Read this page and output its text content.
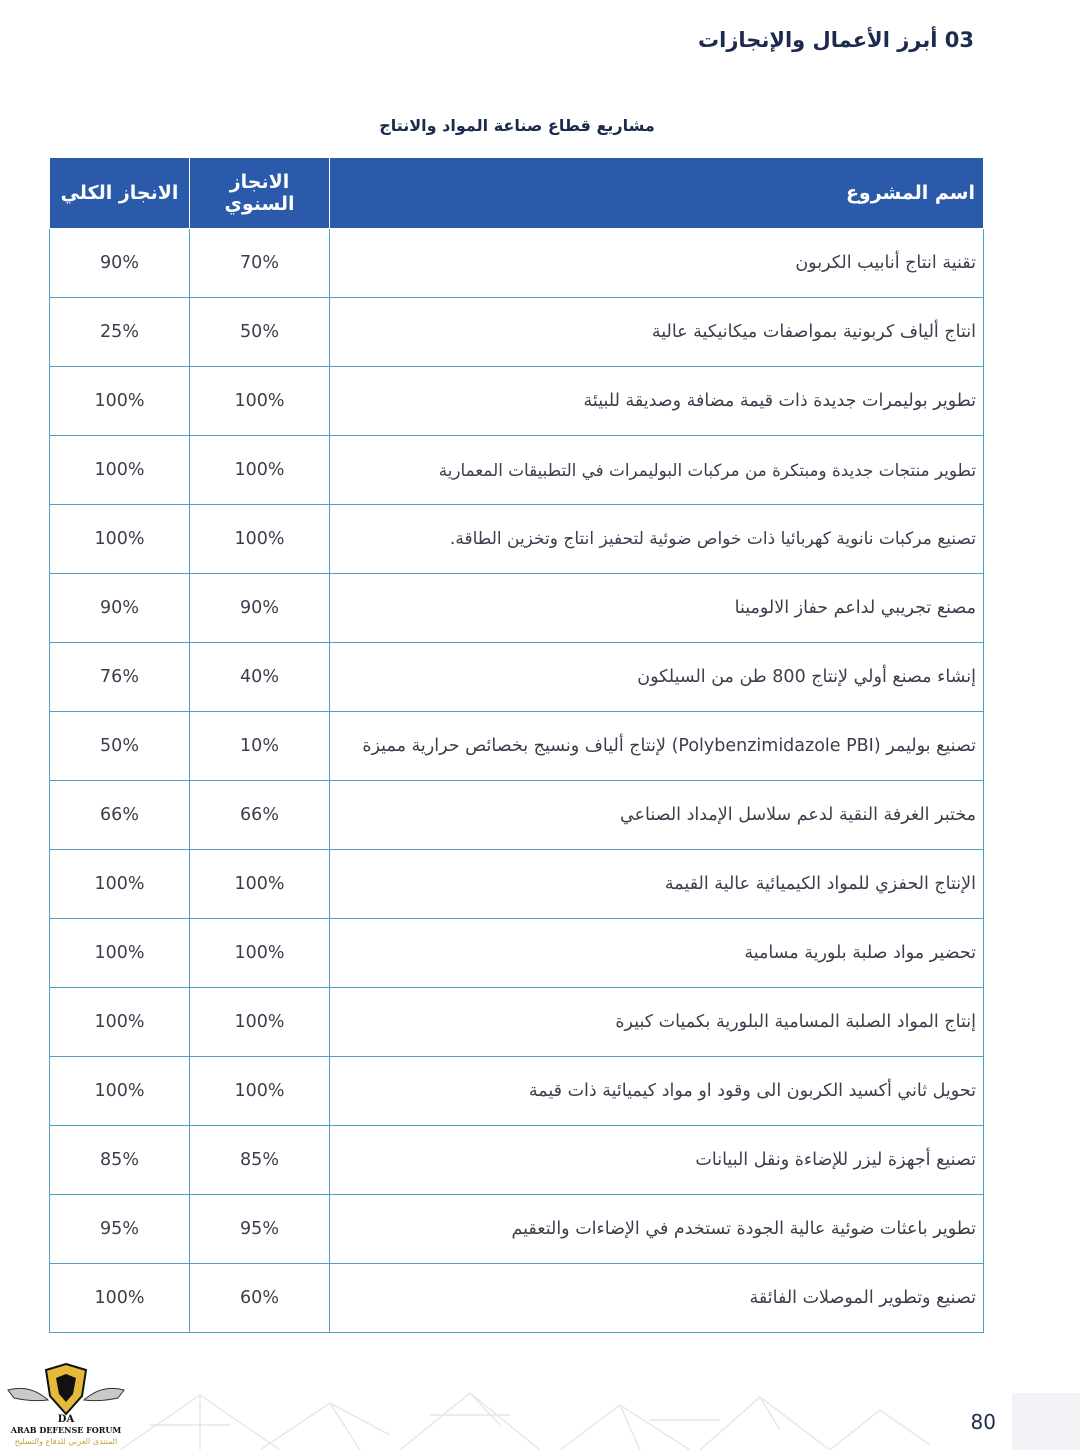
03 أبرز الأعمال والإنجازات
مشاريع قطاع صناعة المواد والانتاج
اسم المشروع	الانجاز السنوي	الانجاز الكلي
تقنية انتاج أنابيب الكربون	70%	90%
انتاج ألياف كربونية بمواصفات ميكانيكية عالية	50%	25%
تطوير بوليمرات جديدة ذات قيمة مضافة وصديقة للبيئة	100%	100%
تطوير منتجات جديدة ومبتكرة من مركبات البوليمرات في التطبيقات المعمارية	100%	100%
تصنيع مركبات نانوية كهربائيا ذات خواص ضوئية لتحفيز انتاج وتخزين الطاقة.	100%	100%
مصنع تجريبي لداعم حفاز الالومينا	90%	90%
إنشاء مصنع أولي لإنتاج 800 طن من السيلكون	40%	76%
تصنيع بوليمر (Polybenzimidazole PBI) لإنتاج ألياف ونسيج بخصائص حرارية مميزة	10%	50%
مختبر الغرفة النقية لدعم سلاسل الإمداد الصناعي	66%	66%
الإنتاج الحفزي للمواد الكيميائية عالية القيمة	100%	100%
تحضير مواد صلبة بلورية مسامية	100%	100%
إنتاج المواد الصلبة المسامية البلورية بكميات كبيرة	100%	100%
تحويل ثاني أكسيد الكربون الى وقود او مواد كيميائية ذات قيمة	100%	100%
تصنيع أجهزة ليزر للإضاءة ونقل البيانات	85%	85%
تطوير باعثات ضوئية عالية الجودة تستخدم في الإضاءات والتعقيم	95%	95%
تصنيع وتطوير الموصلات الفائقة	60%	100%
80
DA
ARAB DEFENSE FORUM
المنتدى العربي للدفاع والتسليح
